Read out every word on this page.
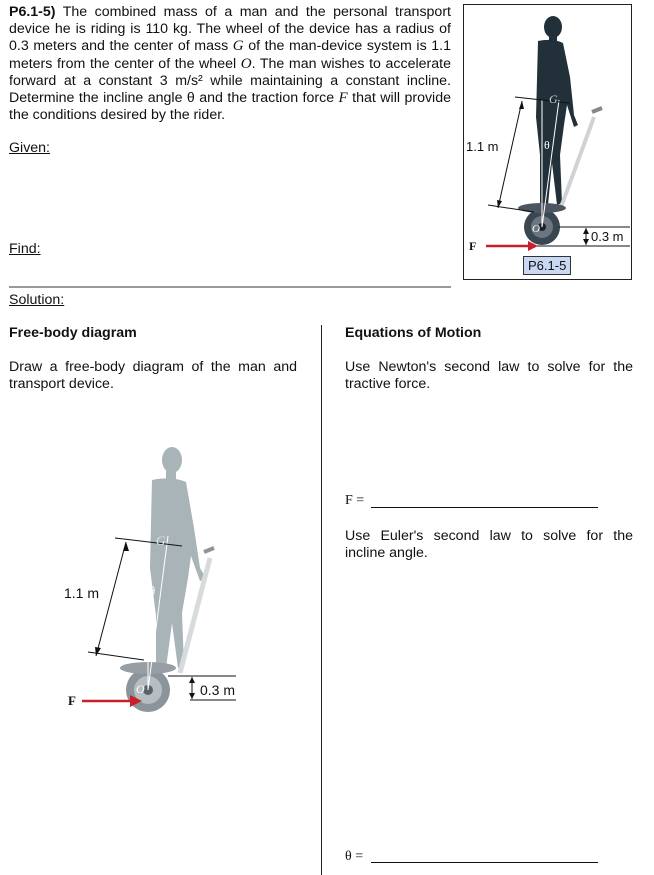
P6.1-5) The combined mass of a man and the personal transport device he is riding is 110 kg. The wheel of the device has a radius of 0.3 meters and the center of mass G of the man-device system is 1.1 meters from the center of the wheel O. The man wishes to accelerate forward at a constant 3 m/s² while maintaining a constant incline. Determine the incline angle θ and the traction force F that will provide the conditions desired by the rider.
Given:
Find:
1.1 m
0.3 m
G
θ
O
F
P6.1-5
Solution:
Free-body diagram
Draw a free-body diagram of the man and transport device.
G
θ
O
1.1 m
0.3 m
F
Equations of Motion
Use Newton's second law to solve for the tractive force.
F =
Use Euler's second law to solve for the incline angle.
θ =
